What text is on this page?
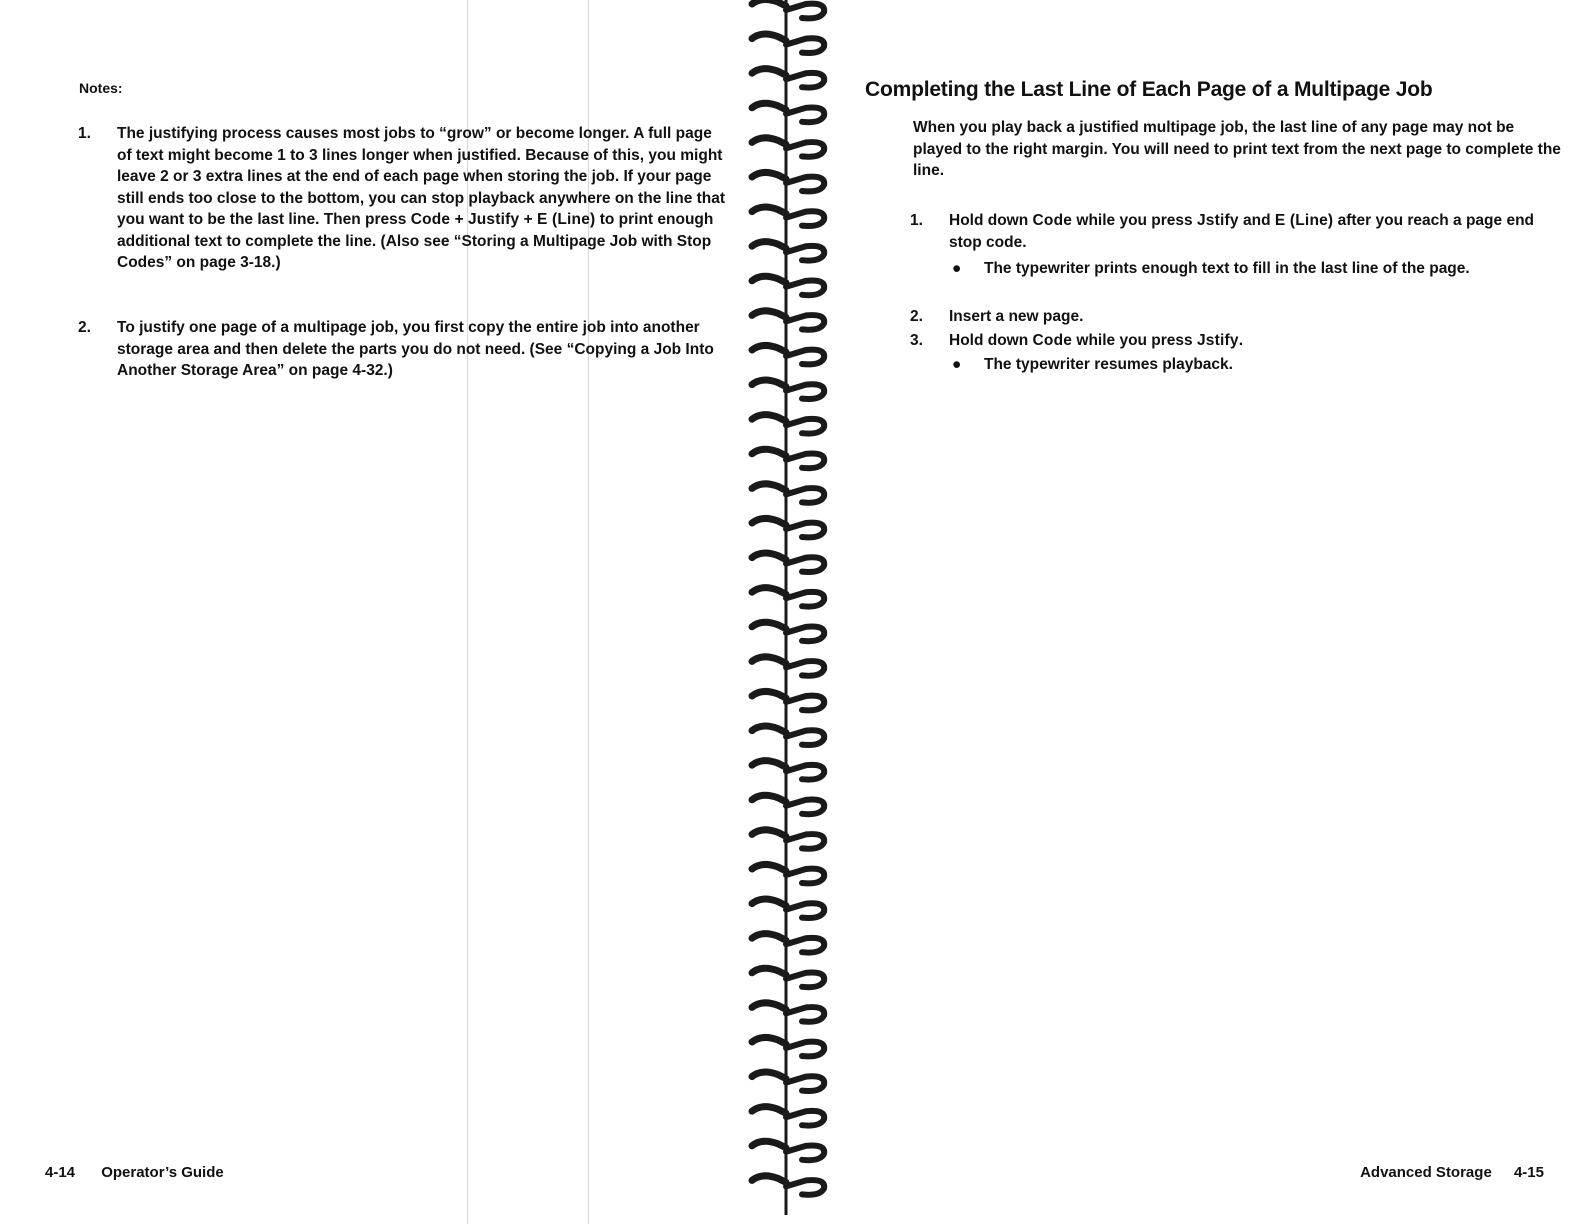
Notes:
1.	The justifying process causes most jobs to “grow” or become longer. A full page of text might become 1 to 3 lines longer when justified. Because of this, you might leave 2 or 3 extra lines at the end of each page when storing the job. If your page still ends too close to the bottom, you can stop playback anywhere on the line that you want to be the last line. Then press Code + Justify + E (Line) to print enough additional text to complete the line. (Also see “Storing a Multipage Job with Stop Codes” on page 3-18.)
2.	To justify one page of a multipage job, you first copy the entire job into another storage area and then delete the parts you do not need. (See “Copying a Job Into Another Storage Area” on page 4-32.)
4-14 Operator’s Guide
Completing the Last Line of Each Page of a Multipage Job
When you play back a justified multipage job, the last line of any page may not be played to the right margin. You will need to print text from the next page to complete the line.
1. Hold down Code while you press Jstify and E (Line) after you reach a page end stop code.
● The typewriter prints enough text to fill in the last line of the page.
2. Insert a new page.
3. Hold down Code while you press Jstify.
● The typewriter resumes playback.
Advanced Storage 4-15
